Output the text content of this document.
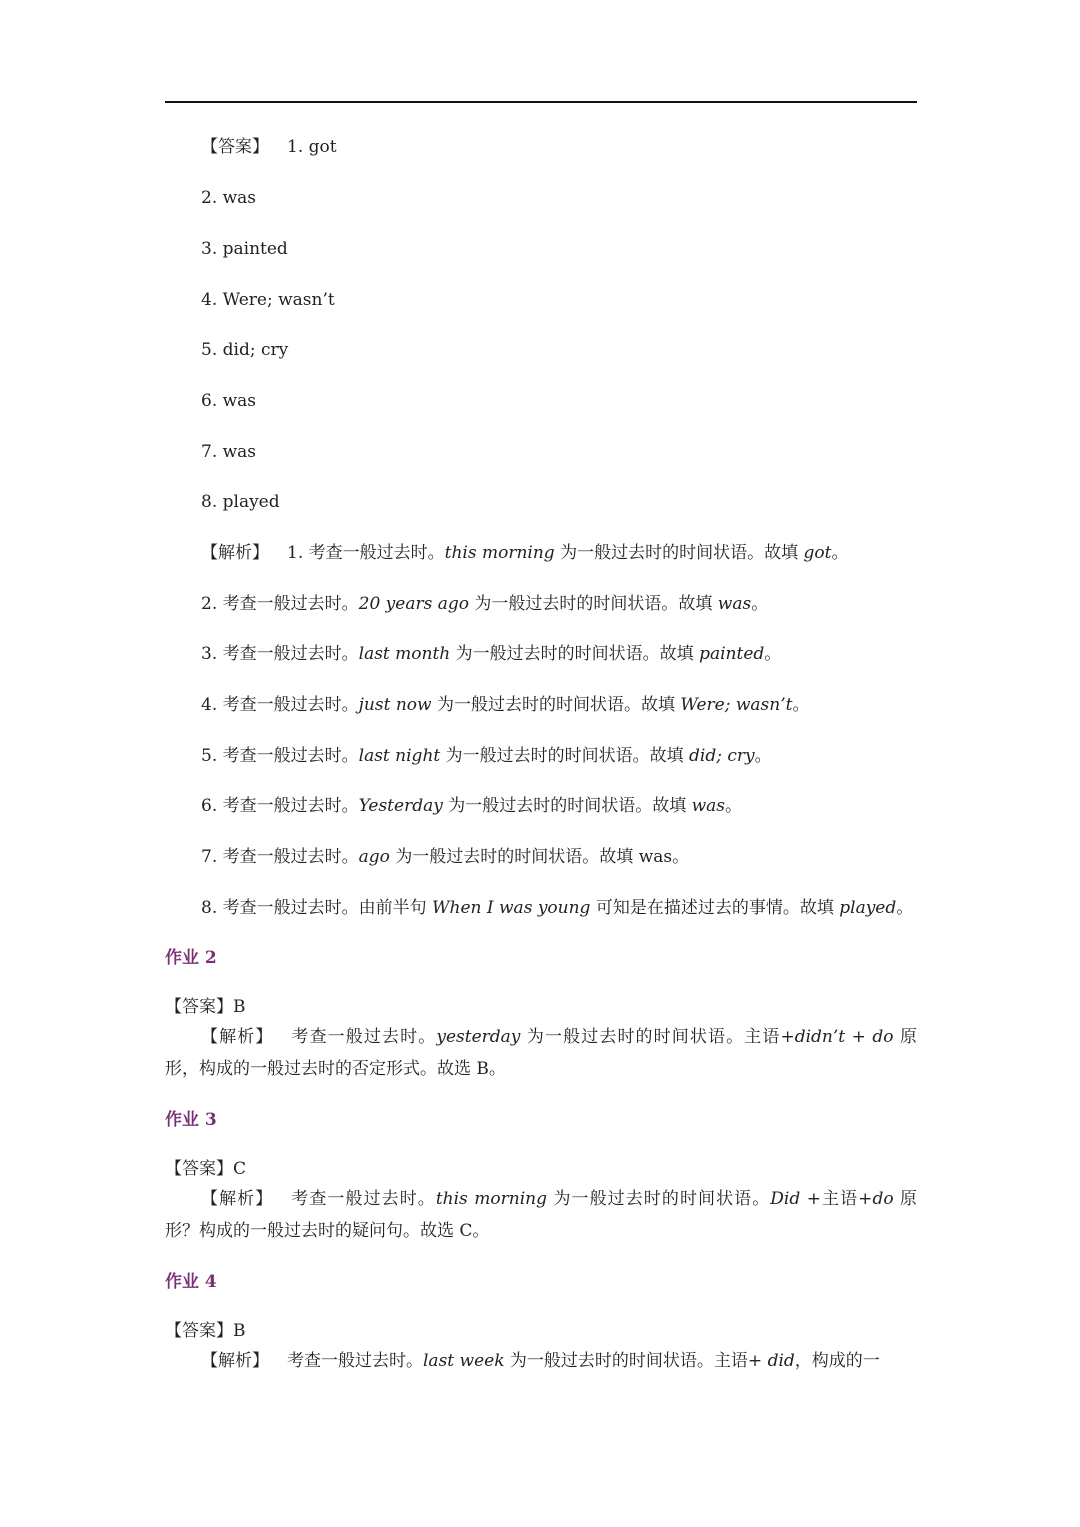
【答案】 1. got
2. was
3. painted
4. Were; wasn’t
5. did; cry
6. was
7. was
8. played
【解析】 1. 考查一般过去时。this morning 为一般过去时的时间状语。故填 got。
2. 考查一般过去时。20 years ago 为一般过去时的时间状语。故填 was。
3. 考查一般过去时。last month 为一般过去时的时间状语。故填 painted。
4. 考查一般过去时。just now 为一般过去时的时间状语。故填 Were; wasn’t。
5. 考查一般过去时。last night 为一般过去时的时间状语。故填 did; cry。
6. 考查一般过去时。Yesterday 为一般过去时的时间状语。故填 was。
7. 考查一般过去时。ago 为一般过去时的时间状语。故填 was。
8. 考查一般过去时。由前半句 When I was young 可知是在描述过去的事情。故填 played。
作业 2
【答案】B
【解析】 考查一般过去时。yesterday 为一般过去时的时间状语。主语+didn’t + do 原形，构成的一般过去时的否定形式。故选 B。
作业 3
【答案】C
【解析】 考查一般过去时。this morning 为一般过去时的时间状语。Did +主语+do 原形？构成的一般过去时的疑问句。故选 C。
作业 4
【答案】B
【解析】 考查一般过去时。last week 为一般过去时的时间状语。主语+ did，构成的一
